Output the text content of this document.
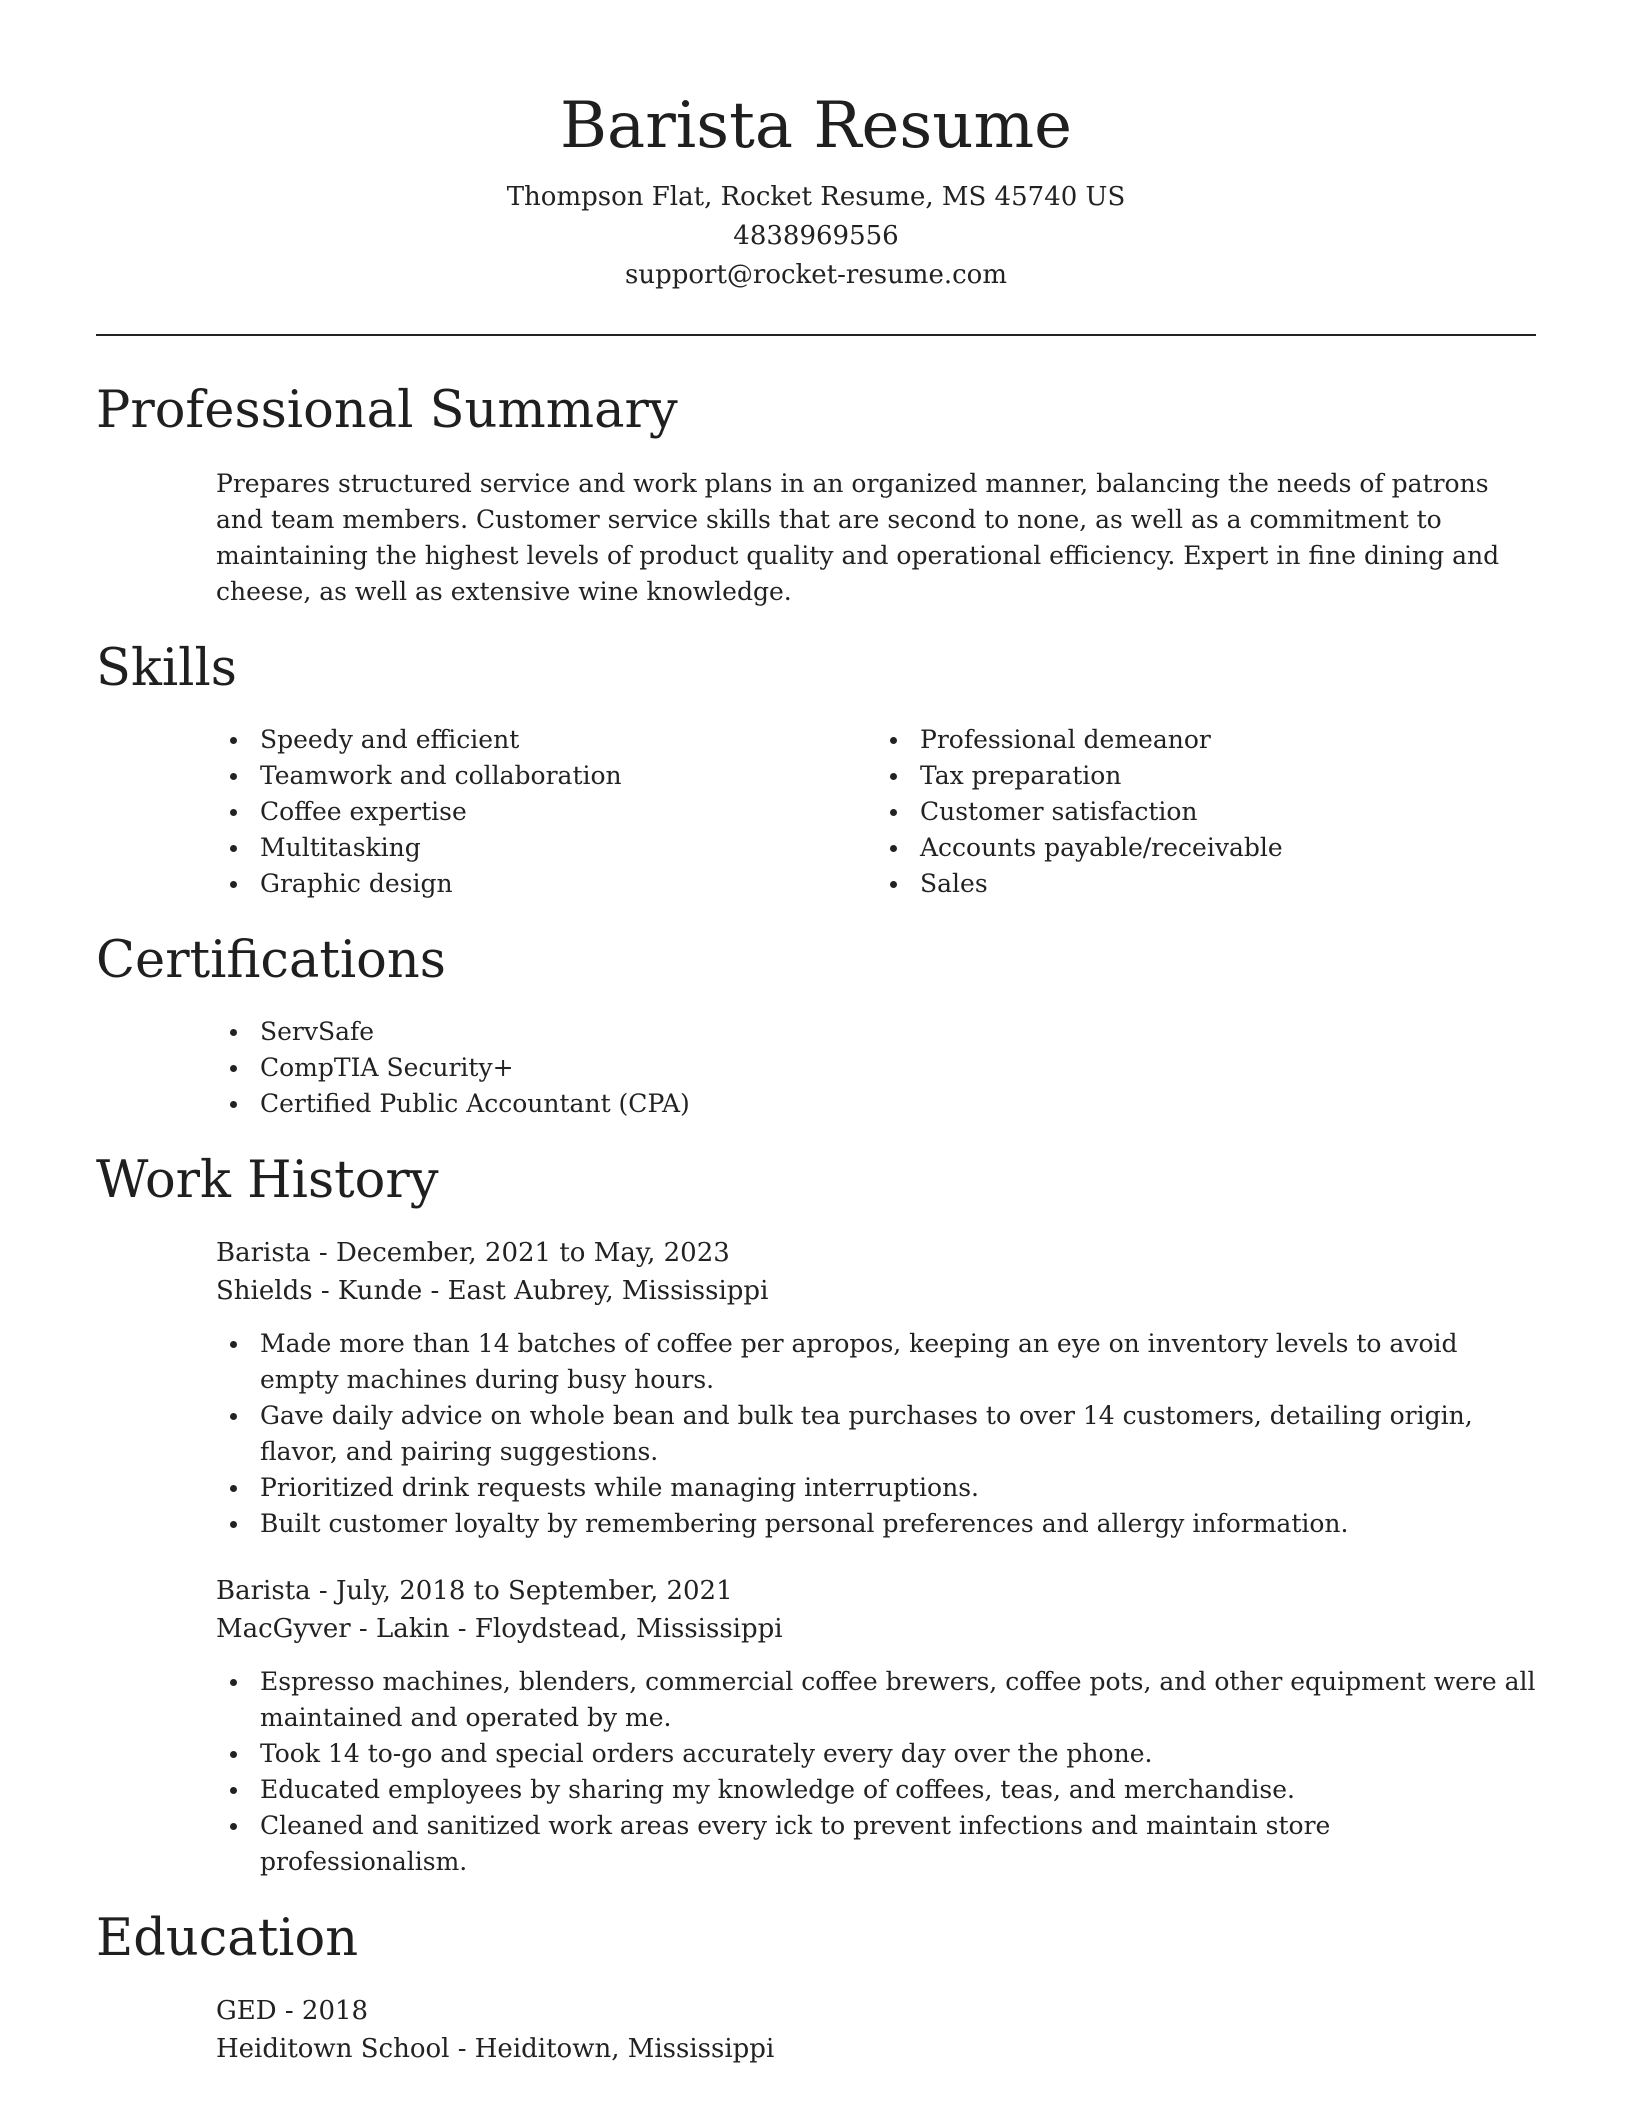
Barista Resume
Thompson Flat, Rocket Resume, MS 45740 US
4838969556
support@rocket-resume.com
Professional Summary

Prepares structured service and work plans in an organized manner, balancing the needs of patrons and team members. Customer service skills that are second to none, as well as a commitment to maintaining the highest levels of product quality and operational efficiency. Expert in fine dining and cheese, as well as extensive wine knowledge.

Skills
Speedy and efficient
Teamwork and collaboration
Coffee expertise
Multitasking
Graphic design
Professional demeanor
Tax preparation
Customer satisfaction
Accounts payable/receivable
Sales
Certifications
ServSafe
CompTIA Security+
Certified Public Accountant (CPA)
Work History
Barista - December, 2021 to May, 2023
Shields - Kunde - East Aubrey, Mississippi
Made more than 14 batches of coffee per apropos, keeping an eye on inventory levels to avoid empty machines during busy hours.
Gave daily advice on whole bean and bulk tea purchases to over 14 customers, detailing origin, flavor, and pairing suggestions.
Prioritized drink requests while managing interruptions.
Built customer loyalty by remembering personal preferences and allergy information.
Barista - July, 2018 to September, 2021
MacGyver - Lakin - Floydstead, Mississippi
Espresso machines, blenders, commercial coffee brewers, coffee pots, and other equipment were all maintained and operated by me.
Took 14 to-go and special orders accurately every day over the phone.
Educated employees by sharing my knowledge of coffees, teas, and merchandise.
Cleaned and sanitized work areas every ick to prevent infections and maintain store professionalism.
Education
GED - 2018
Heiditown School - Heiditown, Mississippi
